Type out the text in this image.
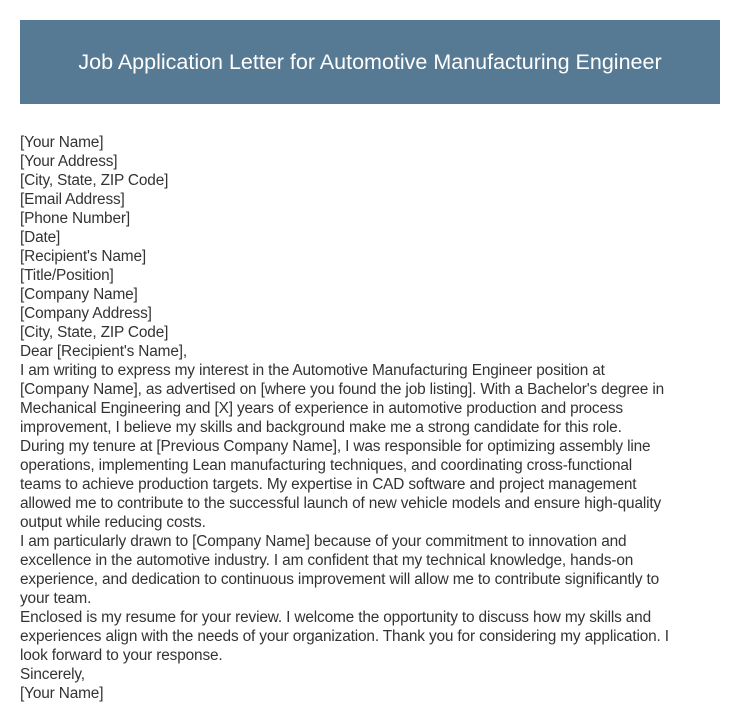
Job Application Letter for Automotive Manufacturing Engineer
[Your Name]
[Your Address]
[City, State, ZIP Code]
[Email Address]
[Phone Number]
[Date]
[Recipient's Name]
[Title/Position]
[Company Name]
[Company Address]
[City, State, ZIP Code]
Dear [Recipient's Name],
I am writing to express my interest in the Automotive Manufacturing Engineer position at
[Company Name], as advertised on [where you found the job listing]. With a Bachelor's degree in
Mechanical Engineering and [X] years of experience in automotive production and process
improvement, I believe my skills and background make me a strong candidate for this role.
During my tenure at [Previous Company Name], I was responsible for optimizing assembly line
operations, implementing Lean manufacturing techniques, and coordinating cross-functional
teams to achieve production targets. My expertise in CAD software and project management
allowed me to contribute to the successful launch of new vehicle models and ensure high-quality
output while reducing costs.
I am particularly drawn to [Company Name] because of your commitment to innovation and
excellence in the automotive industry. I am confident that my technical knowledge, hands-on
experience, and dedication to continuous improvement will allow me to contribute significantly to
your team.
Enclosed is my resume for your review. I welcome the opportunity to discuss how my skills and
experiences align with the needs of your organization. Thank you for considering my application. I
look forward to your response.
Sincerely,
[Your Name]
